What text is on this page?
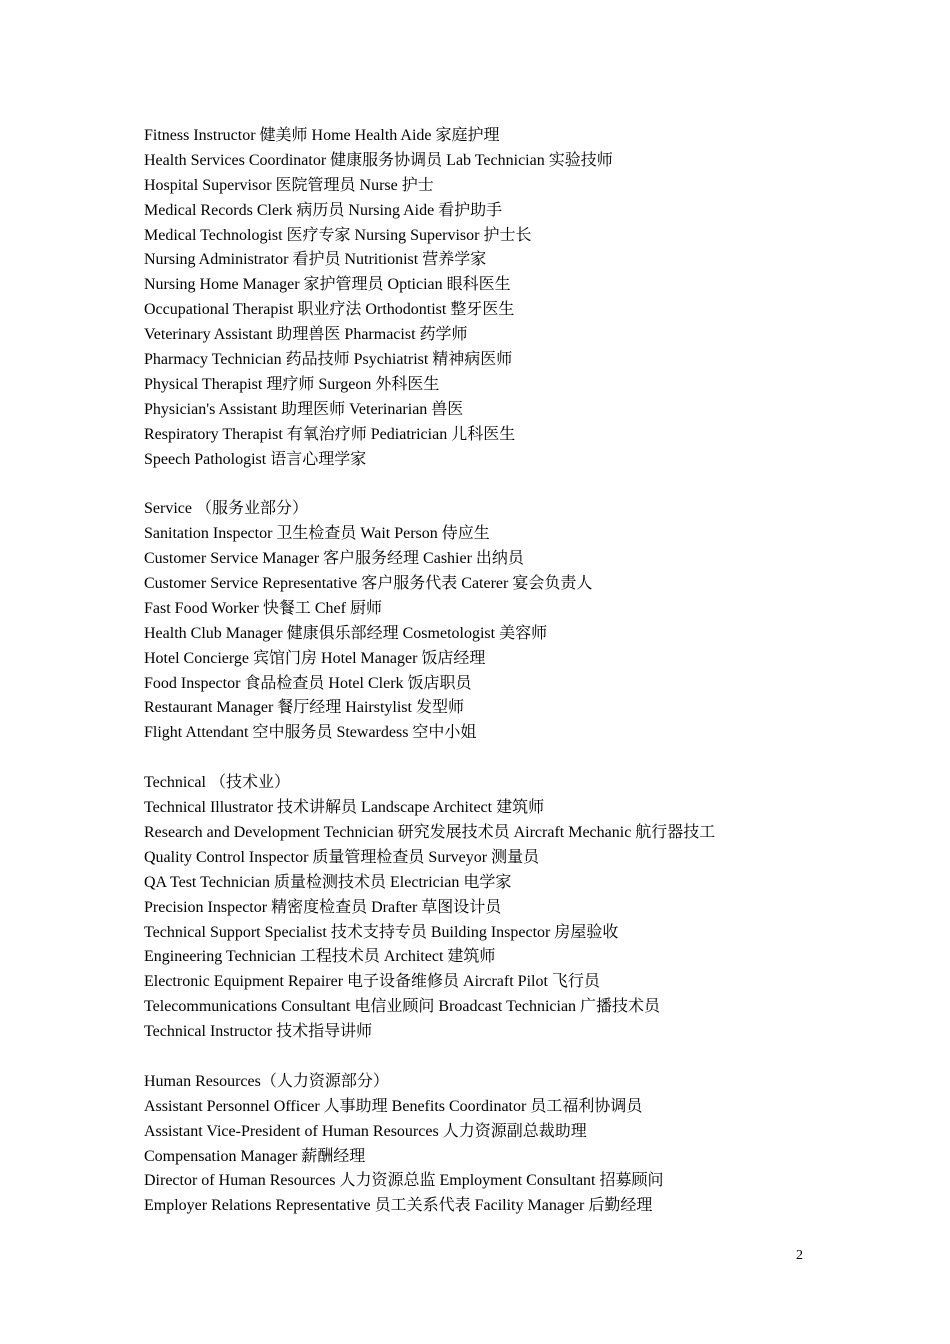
Fitness Instructor 健美师 Home Health Aide 家庭护理
Health Services Coordinator 健康服务协调员 Lab Technician 实验技师
Hospital Supervisor 医院管理员 Nurse 护士
Medical Records Clerk 病历员 Nursing Aide 看护助手
Medical Technologist 医疗专家 Nursing Supervisor 护士长
Nursing Administrator 看护员 Nutritionist 营养学家
Nursing Home Manager 家护管理员 Optician 眼科医生
Occupational Therapist 职业疗法 Orthodontist 整牙医生
Veterinary Assistant 助理兽医 Pharmacist 药学师
Pharmacy Technician 药品技师 Psychiatrist 精神病医师
Physical Therapist 理疗师 Surgeon 外科医生
Physician's Assistant 助理医师 Veterinarian 兽医
Respiratory Therapist 有氧治疗师 Pediatrician 儿科医生
Speech Pathologist 语言心理学家
Service （服务业部分）
Sanitation Inspector 卫生检查员 Wait Person 侍应生
Customer Service Manager 客户服务经理 Cashier 出纳员
Customer Service Representative 客户服务代表 Caterer 宴会负责人
Fast Food Worker 快餐工 Chef 厨师
Health Club Manager 健康俱乐部经理 Cosmetologist 美容师
Hotel Concierge 宾馆门房 Hotel Manager 饭店经理
Food Inspector 食品检查员 Hotel Clerk 饭店职员
Restaurant Manager 餐厅经理 Hairstylist 发型师
Flight Attendant 空中服务员 Stewardess 空中小姐
Technical （技术业）
Technical Illustrator 技术讲解员 Landscape Architect 建筑师
Research and Development Technician 研究发展技术员 Aircraft Mechanic 航行器技工
Quality Control Inspector 质量管理检查员 Surveyor 测量员
QA Test Technician 质量检测技术员 Electrician 电学家
Precision Inspector 精密度检查员 Drafter 草图设计员
Technical Support Specialist 技术支持专员 Building Inspector 房屋验收
Engineering Technician 工程技术员 Architect 建筑师
Electronic Equipment Repairer 电子设备维修员 Aircraft Pilot 飞行员
Telecommunications Consultant 电信业顾问 Broadcast Technician 广播技术员
Technical Instructor 技术指导讲师
Human Resources（人力资源部分）
Assistant Personnel Officer 人事助理 Benefits Coordinator 员工福利协调员
Assistant Vice-President of Human Resources 人力资源副总裁助理
Compensation Manager 薪酬经理
Director of Human Resources 人力资源总监 Employment Consultant 招募顾问
Employer Relations Representative 员工关系代表 Facility Manager 后勤经理
2
